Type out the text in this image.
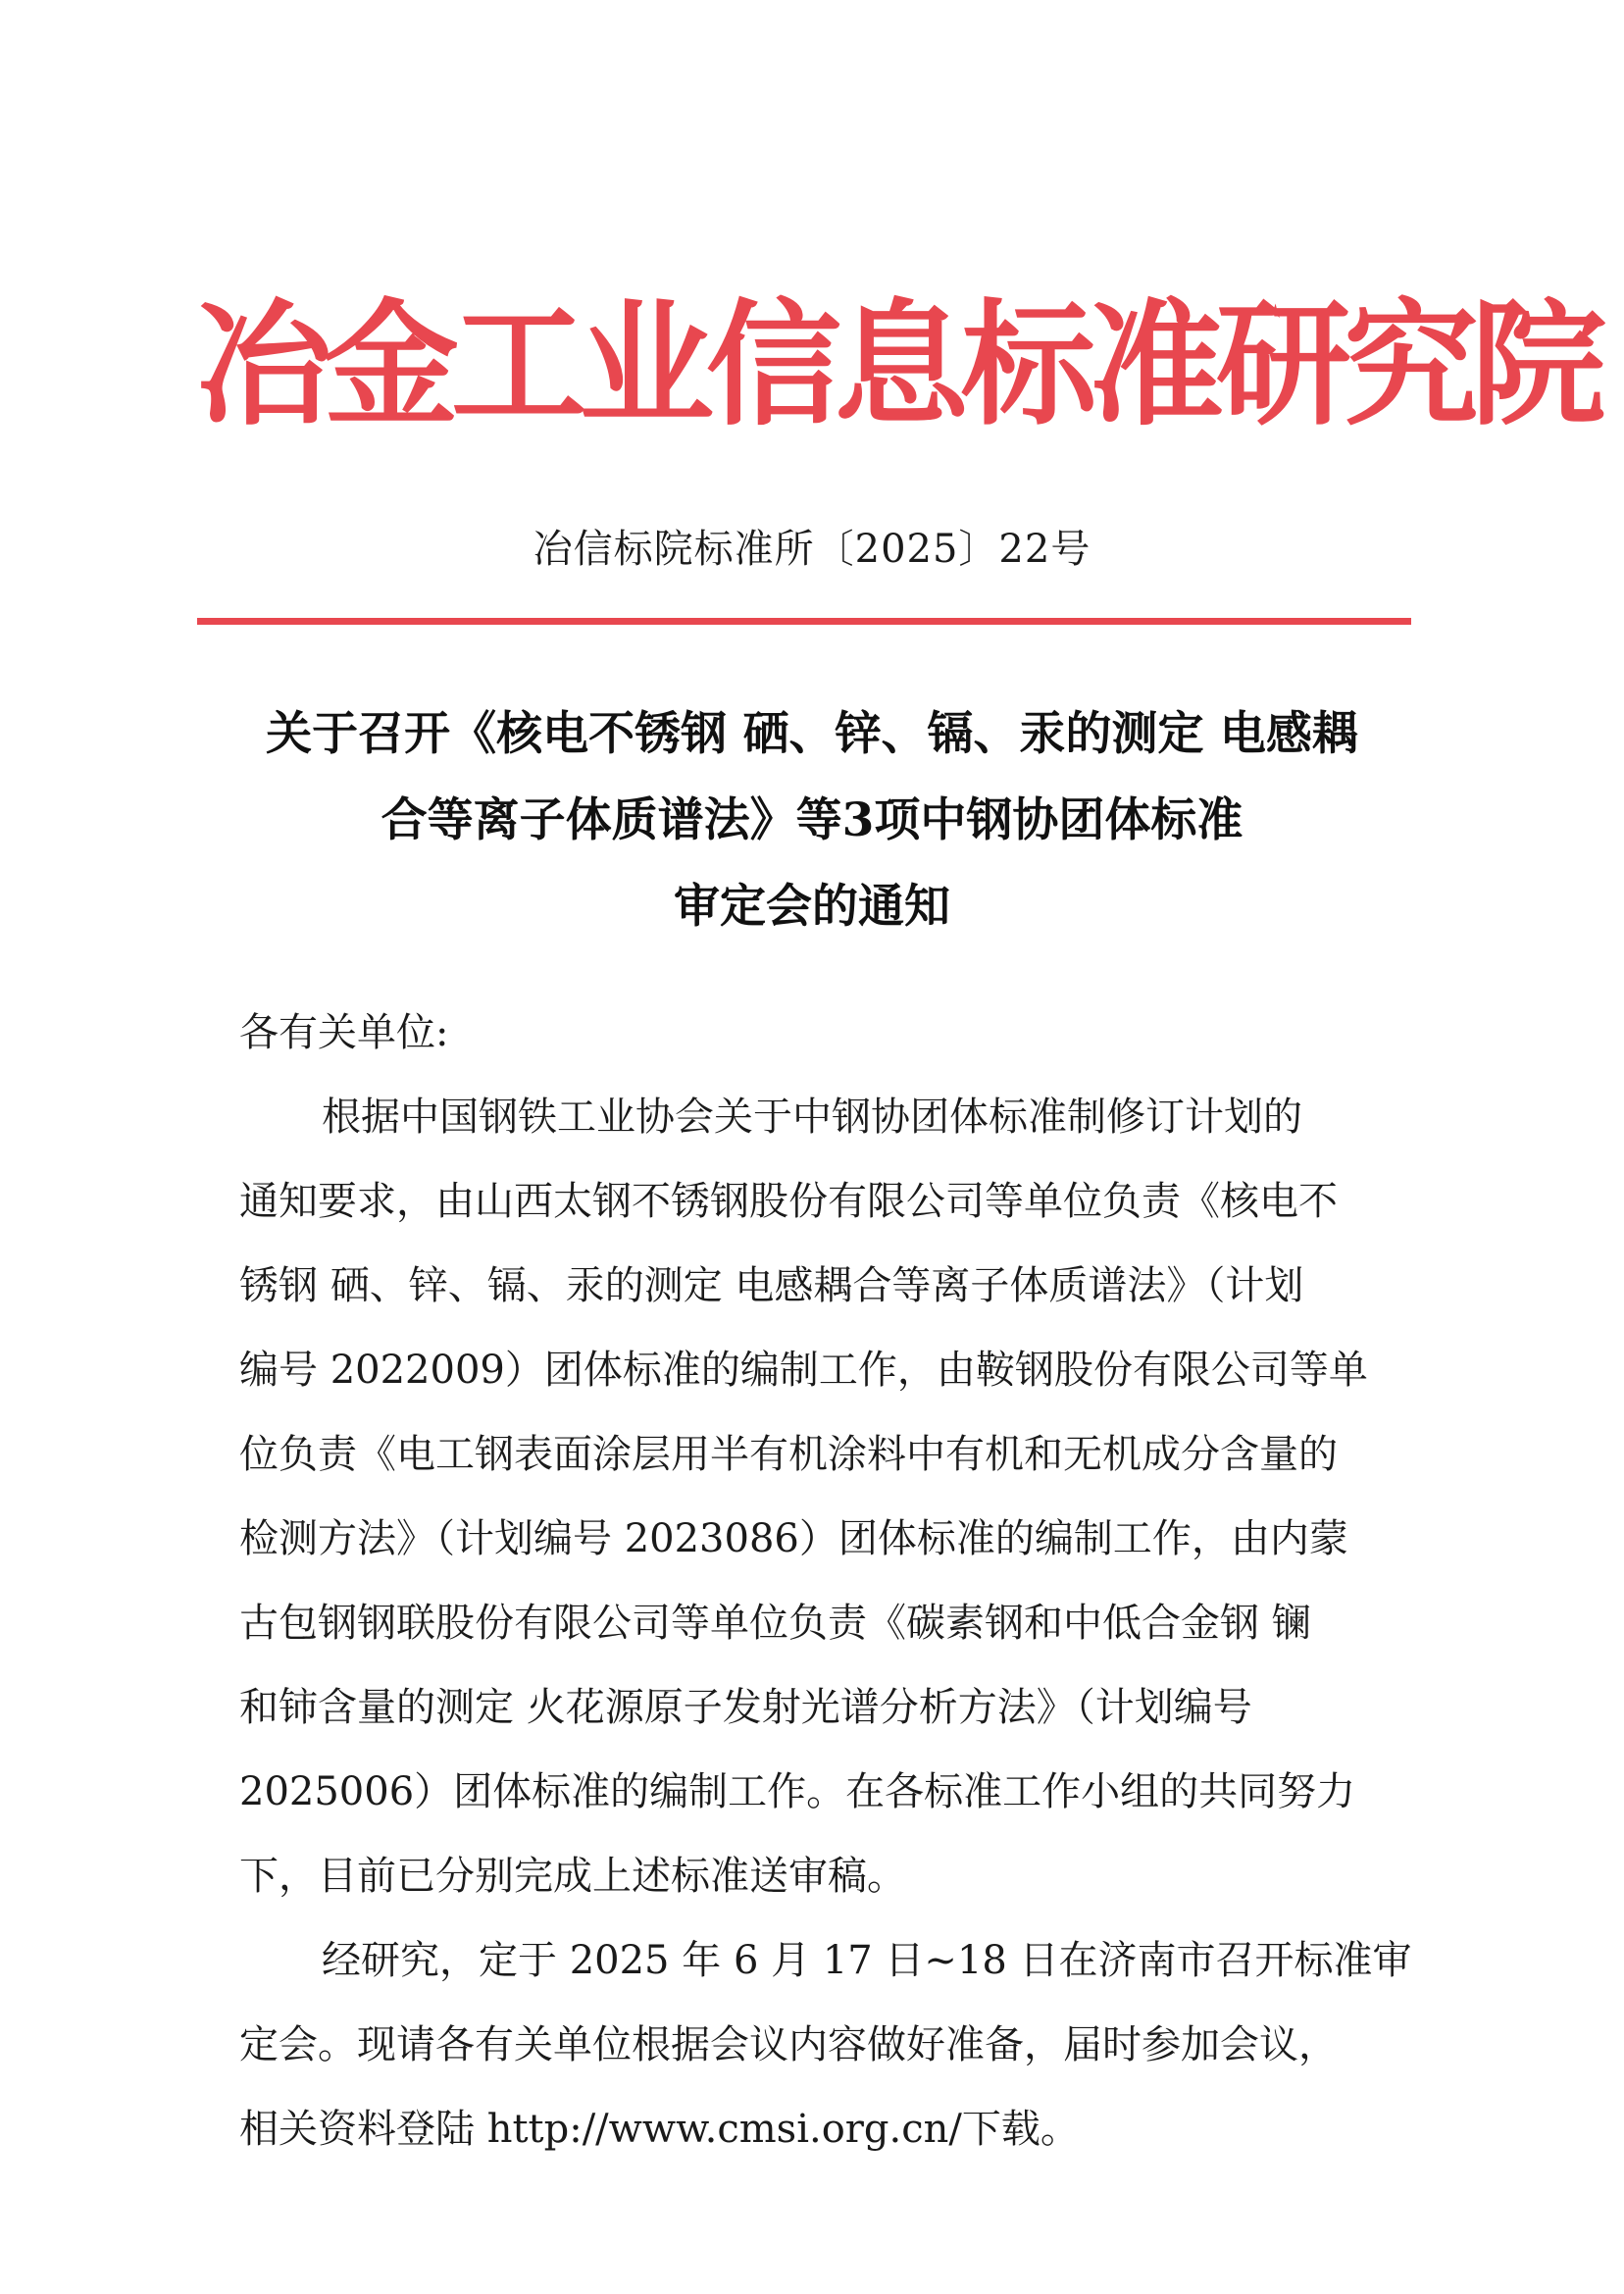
冶金工业信息标准研究院
冶信标院标准所〔2025〕22号
关于召开《核电不锈钢 硒、锌、镉、汞的测定 电感耦
合等离子体质谱法》等3项中钢协团体标准
审定会的通知
各有关单位:
根据中国钢铁工业协会关于中钢协团体标准制修订计划的
通知要求，由山西太钢不锈钢股份有限公司等单位负责《核电不
锈钢 硒、锌、镉、汞的测定 电感耦合等离子体质谱法》（计划
编号 2022009）团体标准的编制工作，由鞍钢股份有限公司等单
位负责《电工钢表面涂层用半有机涂料中有机和无机成分含量的
检测方法》（计划编号 2023086）团体标准的编制工作，由内蒙
古包钢钢联股份有限公司等单位负责《碳素钢和中低合金钢 镧
和铈含量的测定 火花源原子发射光谱分析方法》（计划编号
2025006）团体标准的编制工作。在各标准工作小组的共同努力
下，目前已分别完成上述标准送审稿。
经研究，定于 2025 年 6 月 17 日~18 日在济南市召开标准审
定会。现请各有关单位根据会议内容做好准备，届时参加会议，
相关资料登陆 http://www.cmsi.org.cn/下载。
